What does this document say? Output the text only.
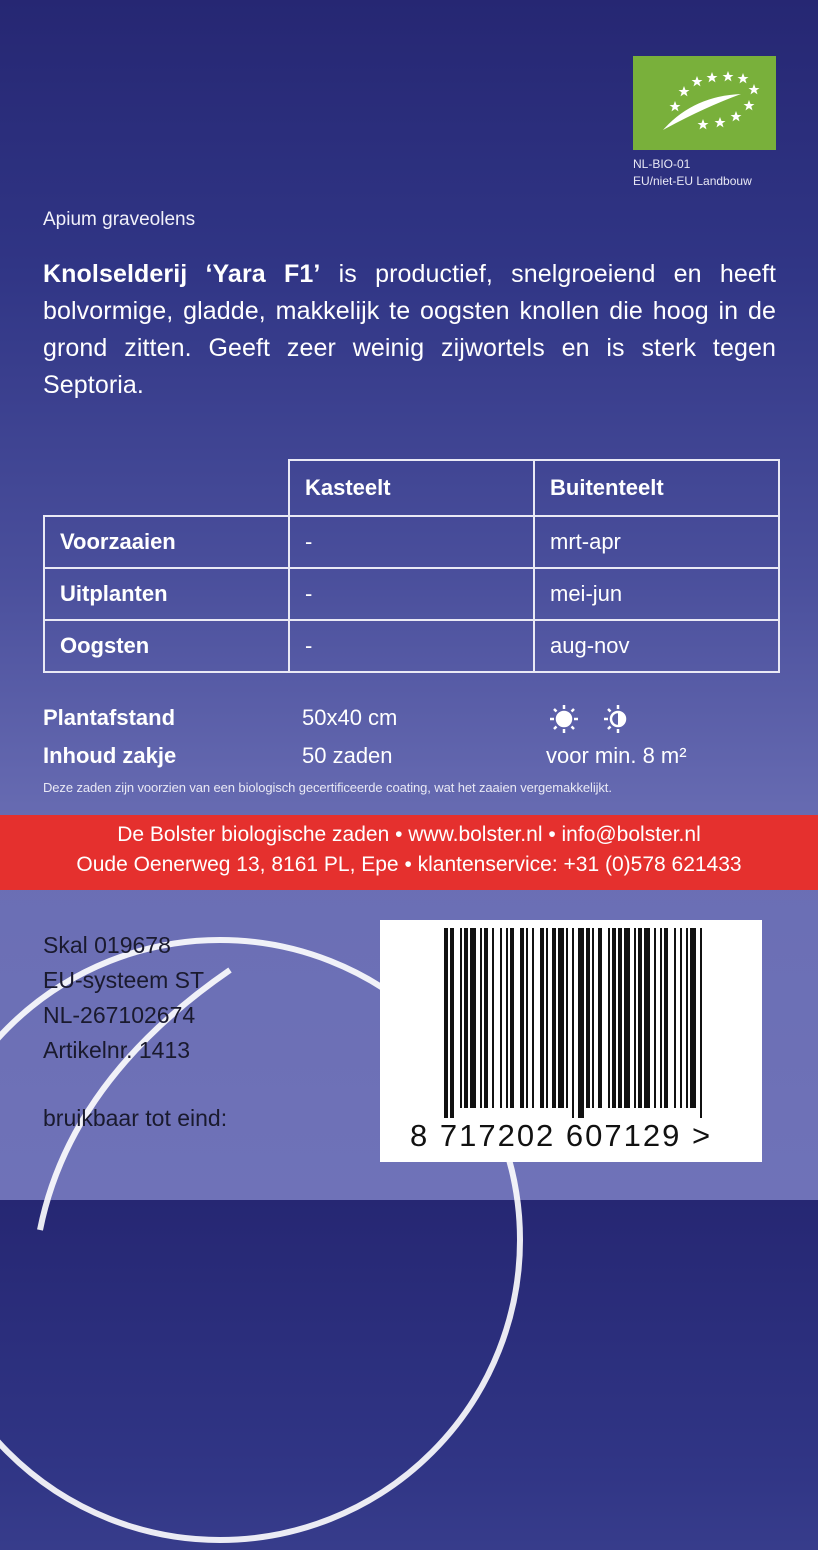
NL-BIO-01
EU/niet-EU Landbouw
Apium graveolens
Knolselderij ‘Yara F1’ is productief, snelgroeiend en heeft bolvormige, gladde, makkelijk te oogsten knollen die hoog in de grond zitten. Geeft zeer weinig zijwortels en is sterk tegen Septoria.
	Kasteelt	Buitenteelt
Voorzaaien	-	mrt-apr
Uitplanten	-	mei-jun
Oogsten	-	aug-nov
Plantafstand	50x40 cm
Inhoud zakje	50 zaden	voor min. 8 m²
Deze zaden zijn voorzien van een biologisch gecertificeerde coating, wat het zaaien vergemakkelijkt.
De Bolster biologische zaden • www.bolster.nl • info@bolster.nl
Oude Oenerweg 13, 8161 PL, Epe • klantenservice: +31 (0)578 621433
Skal 019678
EU-systeem ST
NL-267102674
Artikelnr. 1413
bruikbaar tot eind:	8 717202 607129 >
